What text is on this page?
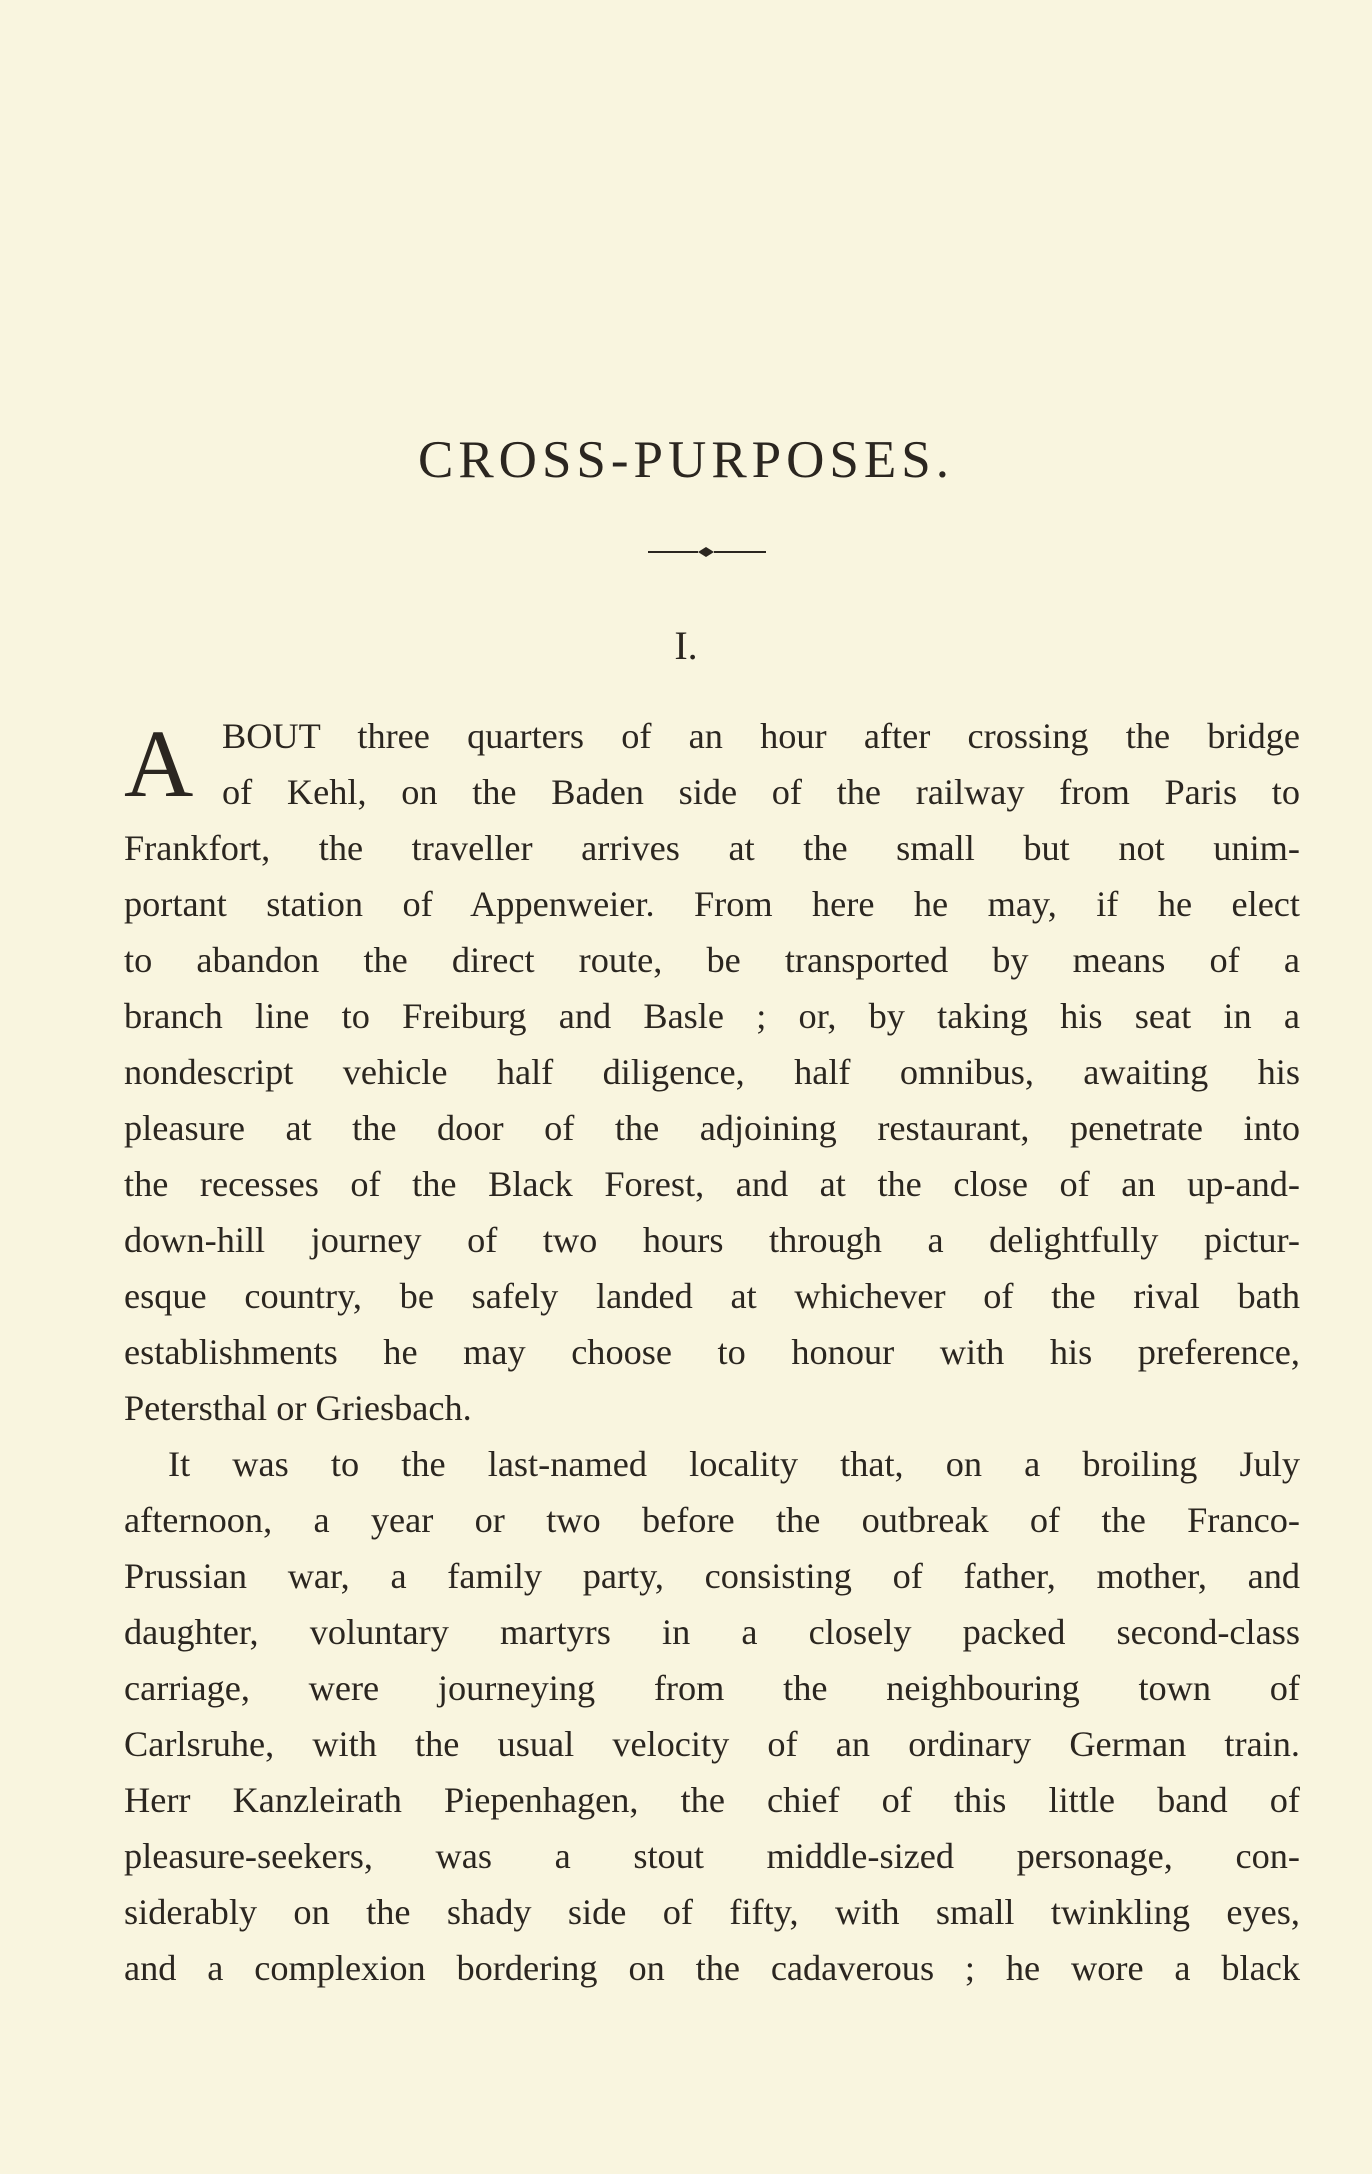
CROSS-PURPOSES.
I.
A BOUT three quarters of an hour after crossing the bridge
of Kehl, on the Baden side of the railway from Paris to
Frankfort, the traveller arrives at the small but not unim-
portant station of Appenweier. From here he may, if he elect
to abandon the direct route, be transported by means of a
branch line to Freiburg and Basle ; or, by taking his seat in a
nondescript vehicle half diligence, half omnibus, awaiting his
pleasure at the door of the adjoining restaurant, penetrate into
the recesses of the Black Forest, and at the close of an up-and-
down-hill journey of two hours through a delightfully pictur-
esque country, be safely landed at whichever of the rival bath
establishments he may choose to honour with his preference,
Petersthal or Griesbach.
It was to the last-named locality that, on a broiling July
afternoon, a year or two before the outbreak of the Franco-
Prussian war, a family party, consisting of father, mother, and
daughter, voluntary martyrs in a closely packed second-class
carriage, were journeying from the neighbouring town of
Carlsruhe, with the usual velocity of an ordinary German train.
Herr Kanzleirath Piepenhagen, the chief of this little band of
pleasure-seekers, was a stout middle-sized personage, con-
siderably on the shady side of fifty, with small twinkling eyes,
and a complexion bordering on the cadaverous ; he wore a black
